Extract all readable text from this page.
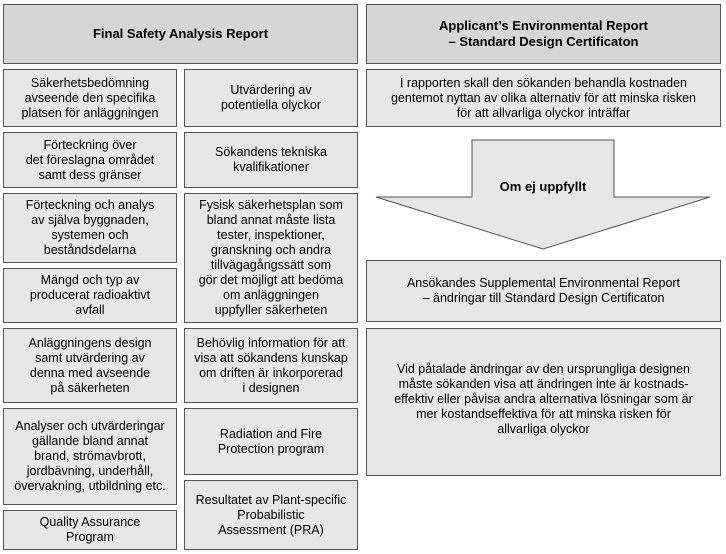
Final Safety Analysis Report
Applicant’s Environmental Report
– Standard Design Certificaton
Säkerhetsbedömning
avseende den specifika
platsen för anläggningen
Förteckning över
det föreslagna området
samt dess gränser
Förteckning och analys
av själva byggnaden,
systemen och
beståndsdelarna
Mängd och typ av
producerat radioaktivt
avfall
Anläggningens design
samt utvärdering av
denna med avseende
på säkerheten
Analyser och utvärderingar
gällande bland annat
brand, strömavbrott,
jordbävning, underhåll,
övervakning, utbildning etc.
Quality Assurance
Program
Utvärdering av
potentiella olyckor
Sökandens tekniska
kvalifikationer
Fysisk säkerhetsplan som
bland annat måste lista
tester, inspektioner,
granskning och andra
tillvägagångssätt som
gör det möjligt att bedöma
om anläggningen
uppfyller säkerheten
Behövlig information för att
visa att sökandens kunskap
om driften är inkorporerad
i designen
Radiation and Fire
Protection program
Resultatet av Plant-specific
Probabilistic
Assessment (PRA)
I rapporten skall den sökanden behandla kostnaden
gentemot nyttan av olika alternativ för att minska risken
för att allvarliga olyckor inträffar
Om ej uppfyllt
Ansökandes Supplemental Environmental Report
– ändringar till Standard Design Certificaton
Vid påtalade ändringar av den ursprungliga designen
måste sökanden visa att ändringen inte är kostnads-
effektiv eller påvisa andra alternativa lösningar som är
mer kostandseffektiva för att minska risken för
allvarliga olyckor
